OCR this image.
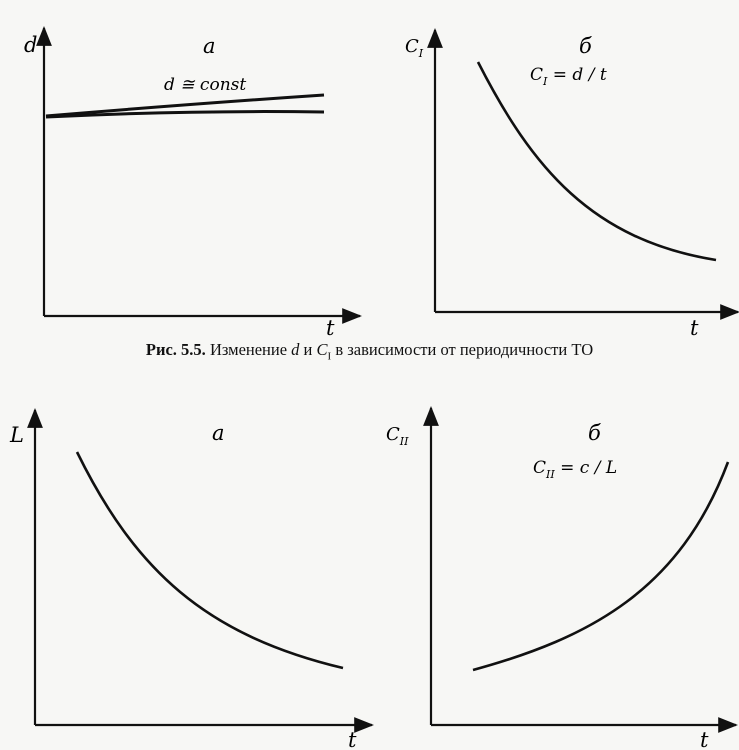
d
t
а
d ≅ const
$C_I$
t
б
$C_I = d / t$
L
t
а	$C_{II}$
t
б
$C_{II} = c / L$
Рис. 5.5. Изменение d и $C_I$ в зависимости от периодичности ТО
